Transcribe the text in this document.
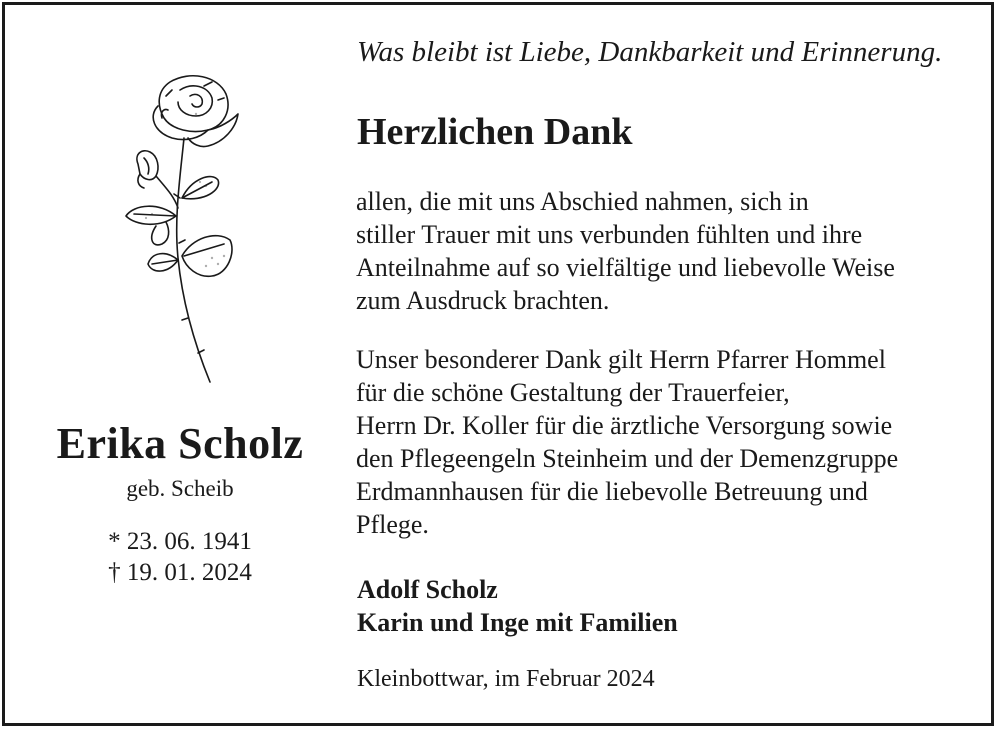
Erika Scholz
geb. Scheib
* 23. 06. 1941
† 19. 01. 2024
Was bleibt ist Liebe, Dankbarkeit und Erinnerung.
Herzlichen Dank
allen, die mit uns Abschied nahmen, sich in
stiller Trauer mit uns verbunden fühlten und ihre
Anteilnahme auf so vielfältige und liebevolle Weise
zum Ausdruck brachten.
Unser besonderer Dank gilt Herrn Pfarrer Hommel
für die schöne Gestaltung der Trauerfeier,
Herrn Dr. Koller für die ärztliche Versorgung sowie
den Pflegeengeln Steinheim und der Demenzgruppe
Erdmannhausen für die liebevolle Betreuung und
Pflege.
Adolf Scholz
Karin und Inge mit Familien
Kleinbottwar, im Februar 2024
